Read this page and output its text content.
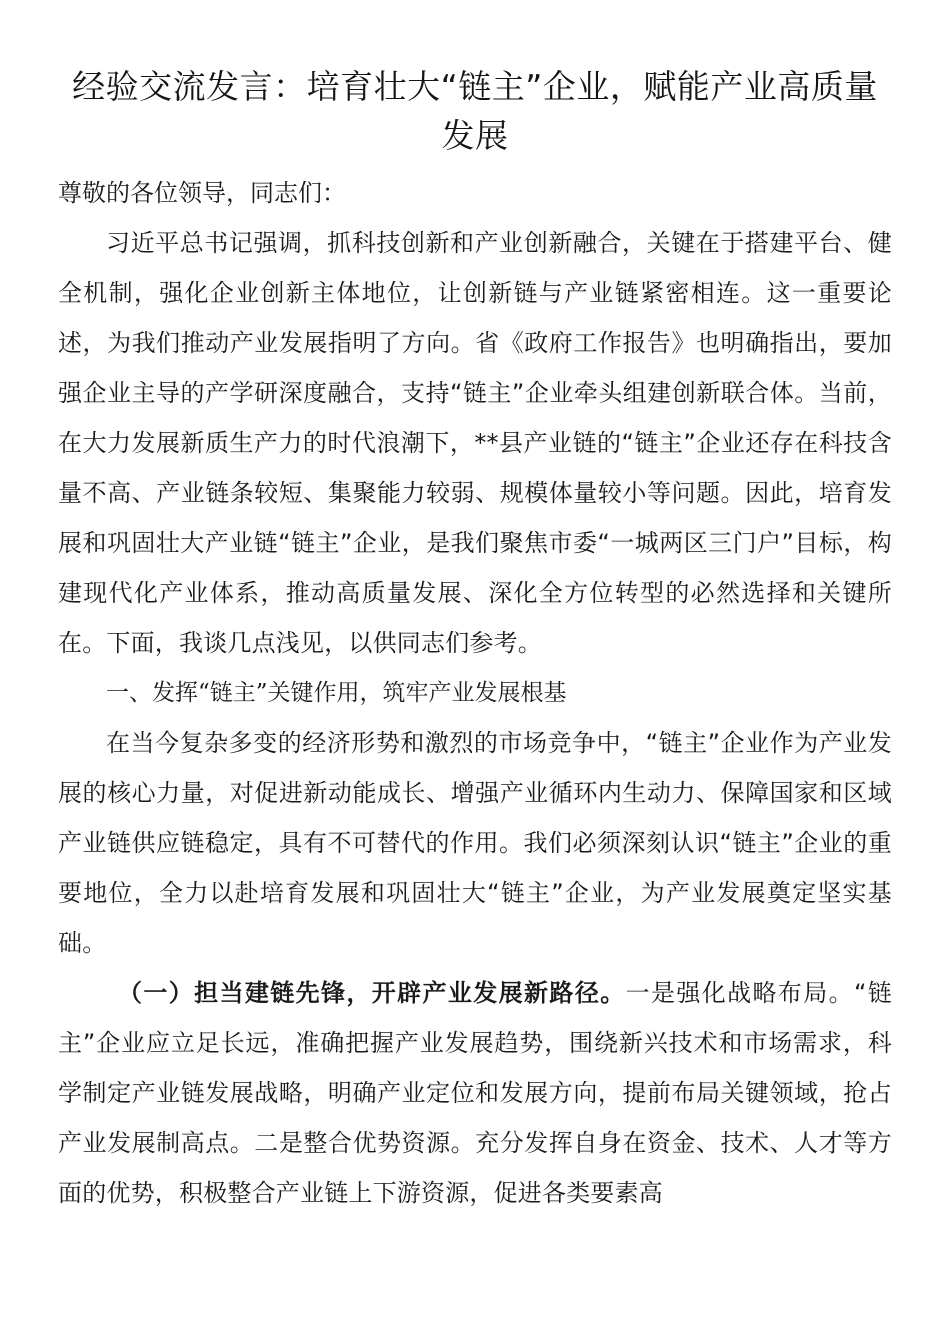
经验交流发言：培育壮大“链主”企业，赋能产业高质量发展

尊敬的各位领导，同志们：

习近平总书记强调，抓科技创新和产业创新融合，关键在于搭建平台、健全机制，强化企业创新主体地位，让创新链与产业链紧密相连。这一重要论述，为我们推动产业发展指明了方向。省《政府工作报告》也明确指出，要加强企业主导的产学研深度融合，支持“链主”企业牵头组建创新联合体。当前，在大力发展新质生产力的时代浪潮下，**县产业链的“链主”企业还存在科技含量不高、产业链条较短、集聚能力较弱、规模体量较小等问题。因此，培育发展和巩固壮大产业链“链主”企业，是我们聚焦市委“一城两区三门户”目标，构建现代化产业体系，推动高质量发展、深化全方位转型的必然选择和关键所在。下面，我谈几点浅见，以供同志们参考。

一、发挥“链主”关键作用，筑牢产业发展根基

在当今复杂多变的经济形势和激烈的市场竞争中，“链主”企业作为产业发展的核心力量，对促进新动能成长、增强产业循环内生动力、保障国家和区域产业链供应链稳定，具有不可替代的作用。我们必须深刻认识“链主”企业的重要地位，全力以赴培育发展和巩固壮大“链主”企业，为产业发展奠定坚实基础。

（一）担当建链先锋，开辟产业发展新路径。一是强化战略布局。“链主”企业应立足长远，准确把握产业发展趋势，围绕新兴技术和市场需求，科学制定产业链发展战略，明确产业定位和发展方向，提前布局关键领域，抢占产业发展制高点。二是整合优势资源。充分发挥自身在资金、技术、人才等方面的优势，积极整合产业链上下游资源，促进各类要素高
